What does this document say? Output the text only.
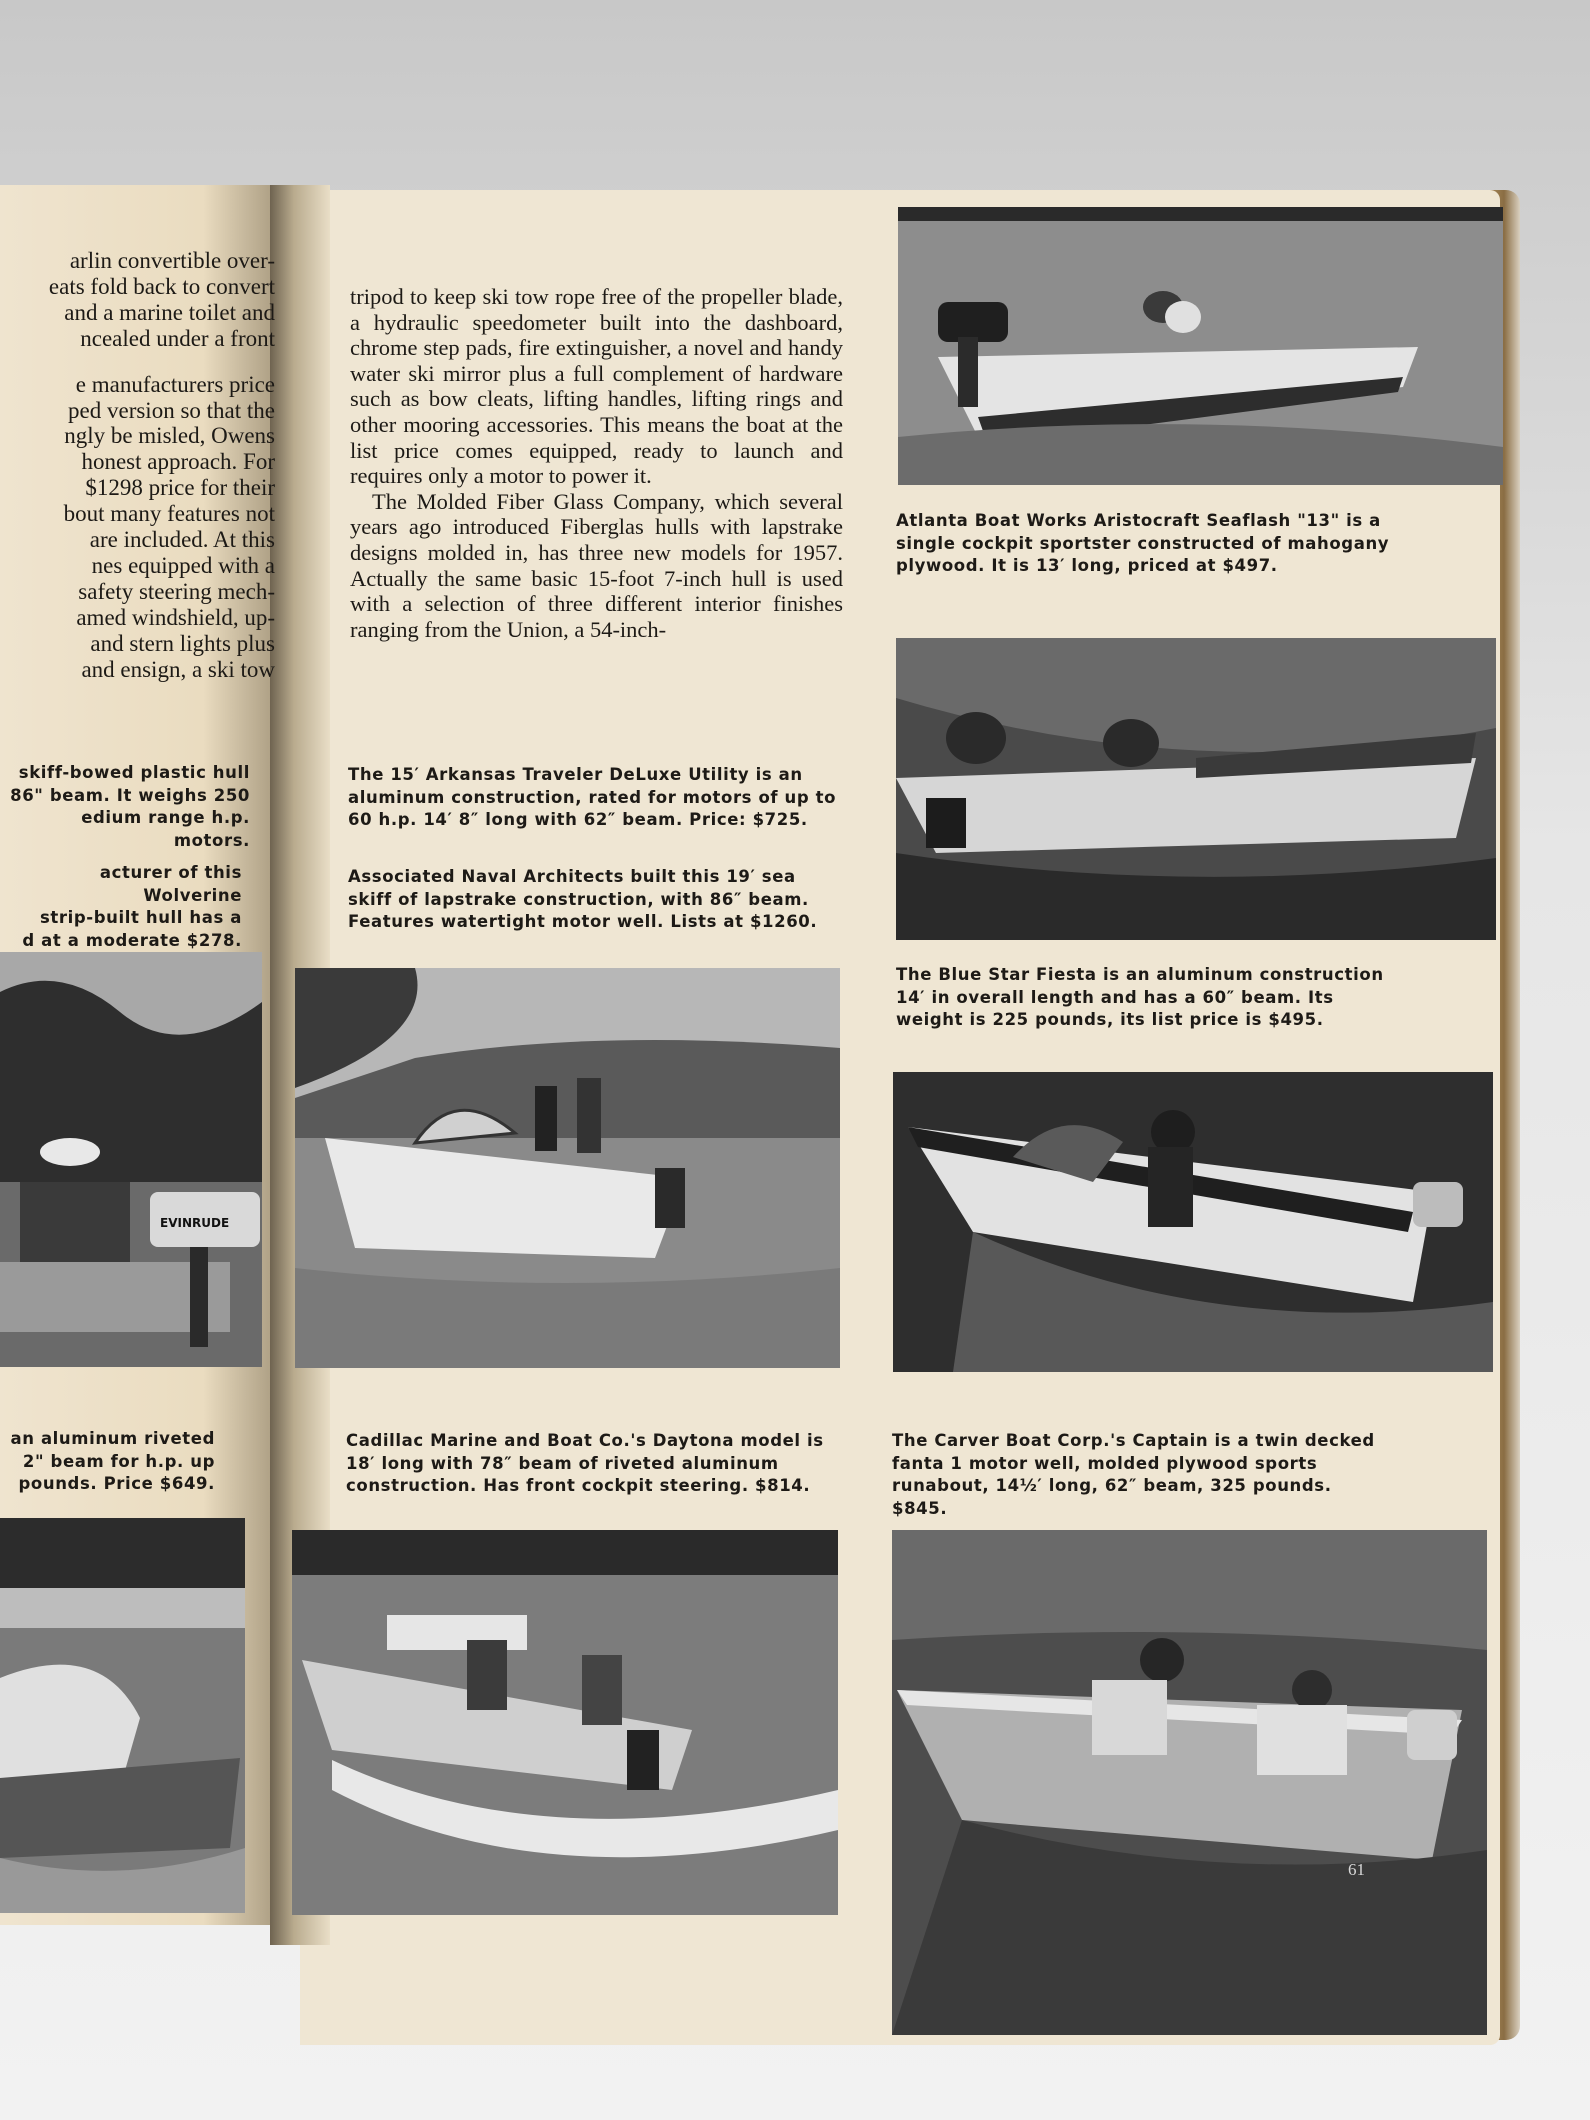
arlin convertible over-
eats fold back to convert
and a marine toilet and
ncealed under a front
e manufacturers price
ped version so that the
ngly be misled, Owens
honest approach. For
$1298 price for their
bout many features not
are included. At this
nes equipped with a
safety steering mech-
amed windshield, up-
and stern lights plus
and ensign, a ski tow
skiff-bowed plastic hull
86" beam. It weighs 250
edium range h.p. motors.
acturer of this Wolverine
strip-built hull has a
d at a moderate $278.
an aluminum riveted
2" beam for h.p. up
pounds. Price $649.
EVINRUDE

tripod to keep ski tow rope free of the propeller blade, a hydraulic speedometer built into the dashboard, chrome step pads, fire extinguisher, a novel and handy water ski mirror plus a full complement of hardware such as bow cleats, lifting handles, lifting rings and other mooring accessories. This means the boat at the list price comes equipped, ready to launch and requires only a motor to power it.

The Molded Fiber Glass Company, which several years ago introduced Fiberglas hulls with lapstrake designs molded in, has three new models for 1957. Actually the same basic 15-foot 7-inch hull is used with a selection of three different interior finishes ranging from the Union, a 54-inch-

The 15′ Arkansas Traveler DeLuxe Utility is an aluminum construction, rated for motors of up to 60 h.p. 14′ 8″ long with 62″ beam. Price: $725.
Associated Naval Architects built this 19′ sea skiff of lapstrake construction, with 86″ beam. Features watertight motor well. Lists at $1260.
Cadillac Marine and Boat Co.'s Daytona model is 18′ long with 78″ beam of riveted aluminum construction. Has front cockpit steering. $814.
Atlanta Boat Works Aristocraft Seaflash "13" is a single cockpit sportster constructed of mahogany plywood. It is 13′ long, priced at $497.
The Blue Star Fiesta is an aluminum construction 14′ in overall length and has a 60″ beam. Its weight is 225 pounds, its list price is $495.
The Carver Boat Corp.'s Captain is a twin decked fanta 1 motor well, molded plywood sports runabout, 14½′ long, 62″ beam, 325 pounds. $845.
61
